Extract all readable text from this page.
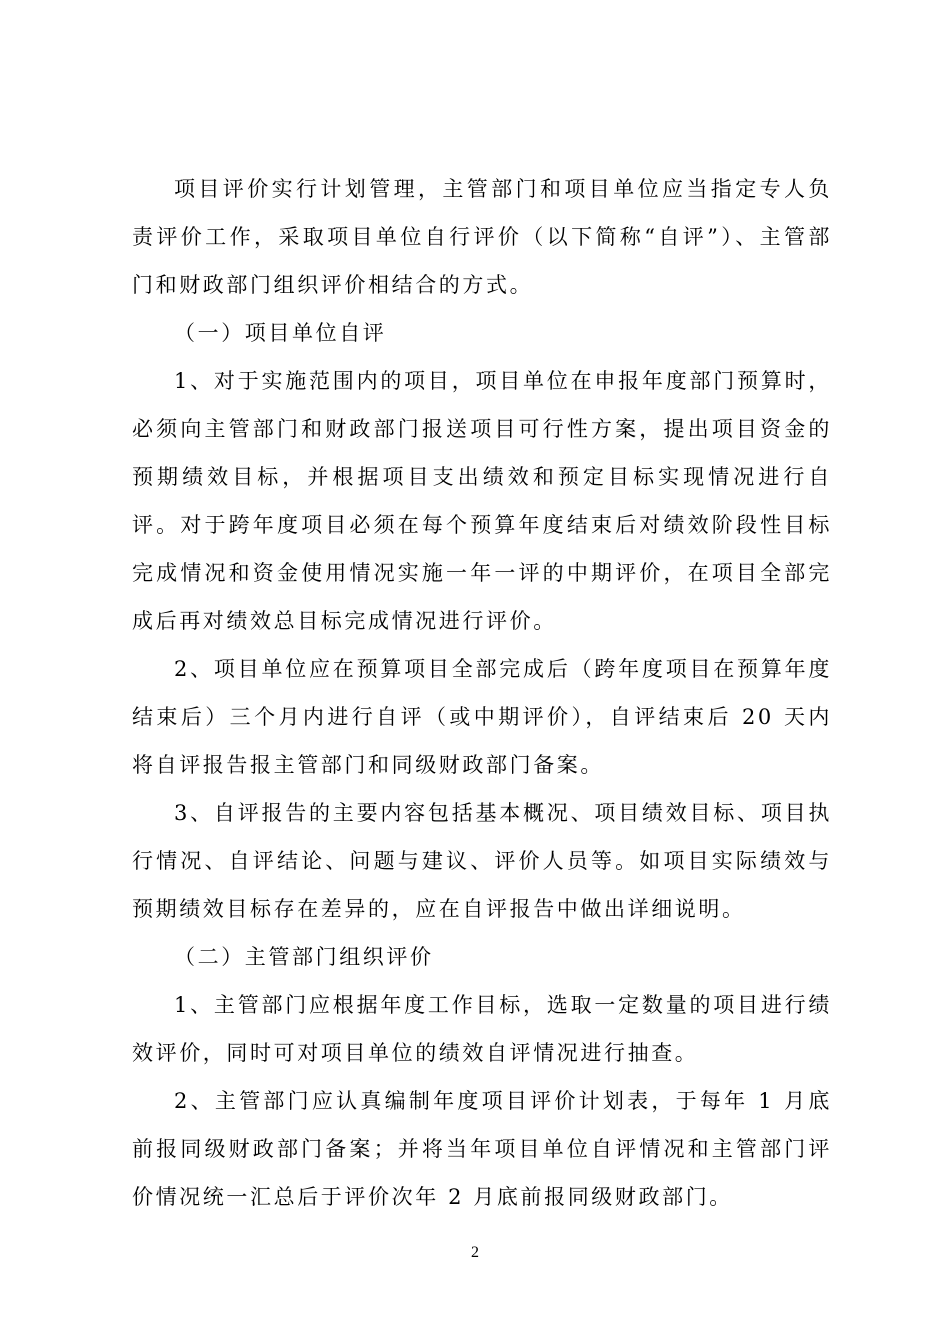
项目评价实行计划管理，主管部门和项目单位应当指定专人负责评价工作，采取项目单位自行评价（以下简称“自评”）、主管部门和财政部门组织评价相结合的方式。

（一）项目单位自评

1、对于实施范围内的项目，项目单位在申报年度部门预算时，必须向主管部门和财政部门报送项目可行性方案，提出项目资金的预期绩效目标，并根据项目支出绩效和预定目标实现情况进行自评。对于跨年度项目必须在每个预算年度结束后对绩效阶段性目标完成情况和资金使用情况实施一年一评的中期评价，在项目全部完成后再对绩效总目标完成情况进行评价。

2、项目单位应在预算项目全部完成后（跨年度项目在预算年度结束后）三个月内进行自评（或中期评价），自评结束后 20 天内将自评报告报主管部门和同级财政部门备案。

3、自评报告的主要内容包括基本概况、项目绩效目标、项目执行情况、自评结论、问题与建议、评价人员等。如项目实际绩效与预期绩效目标存在差异的，应在自评报告中做出详细说明。

（二）主管部门组织评价

1、主管部门应根据年度工作目标，选取一定数量的项目进行绩效评价，同时可对项目单位的绩效自评情况进行抽查。

2、主管部门应认真编制年度项目评价计划表，于每年 1 月底前报同级财政部门备案；并将当年项目单位自评情况和主管部门评价情况统一汇总后于评价次年 2 月底前报同级财政部门。

2
